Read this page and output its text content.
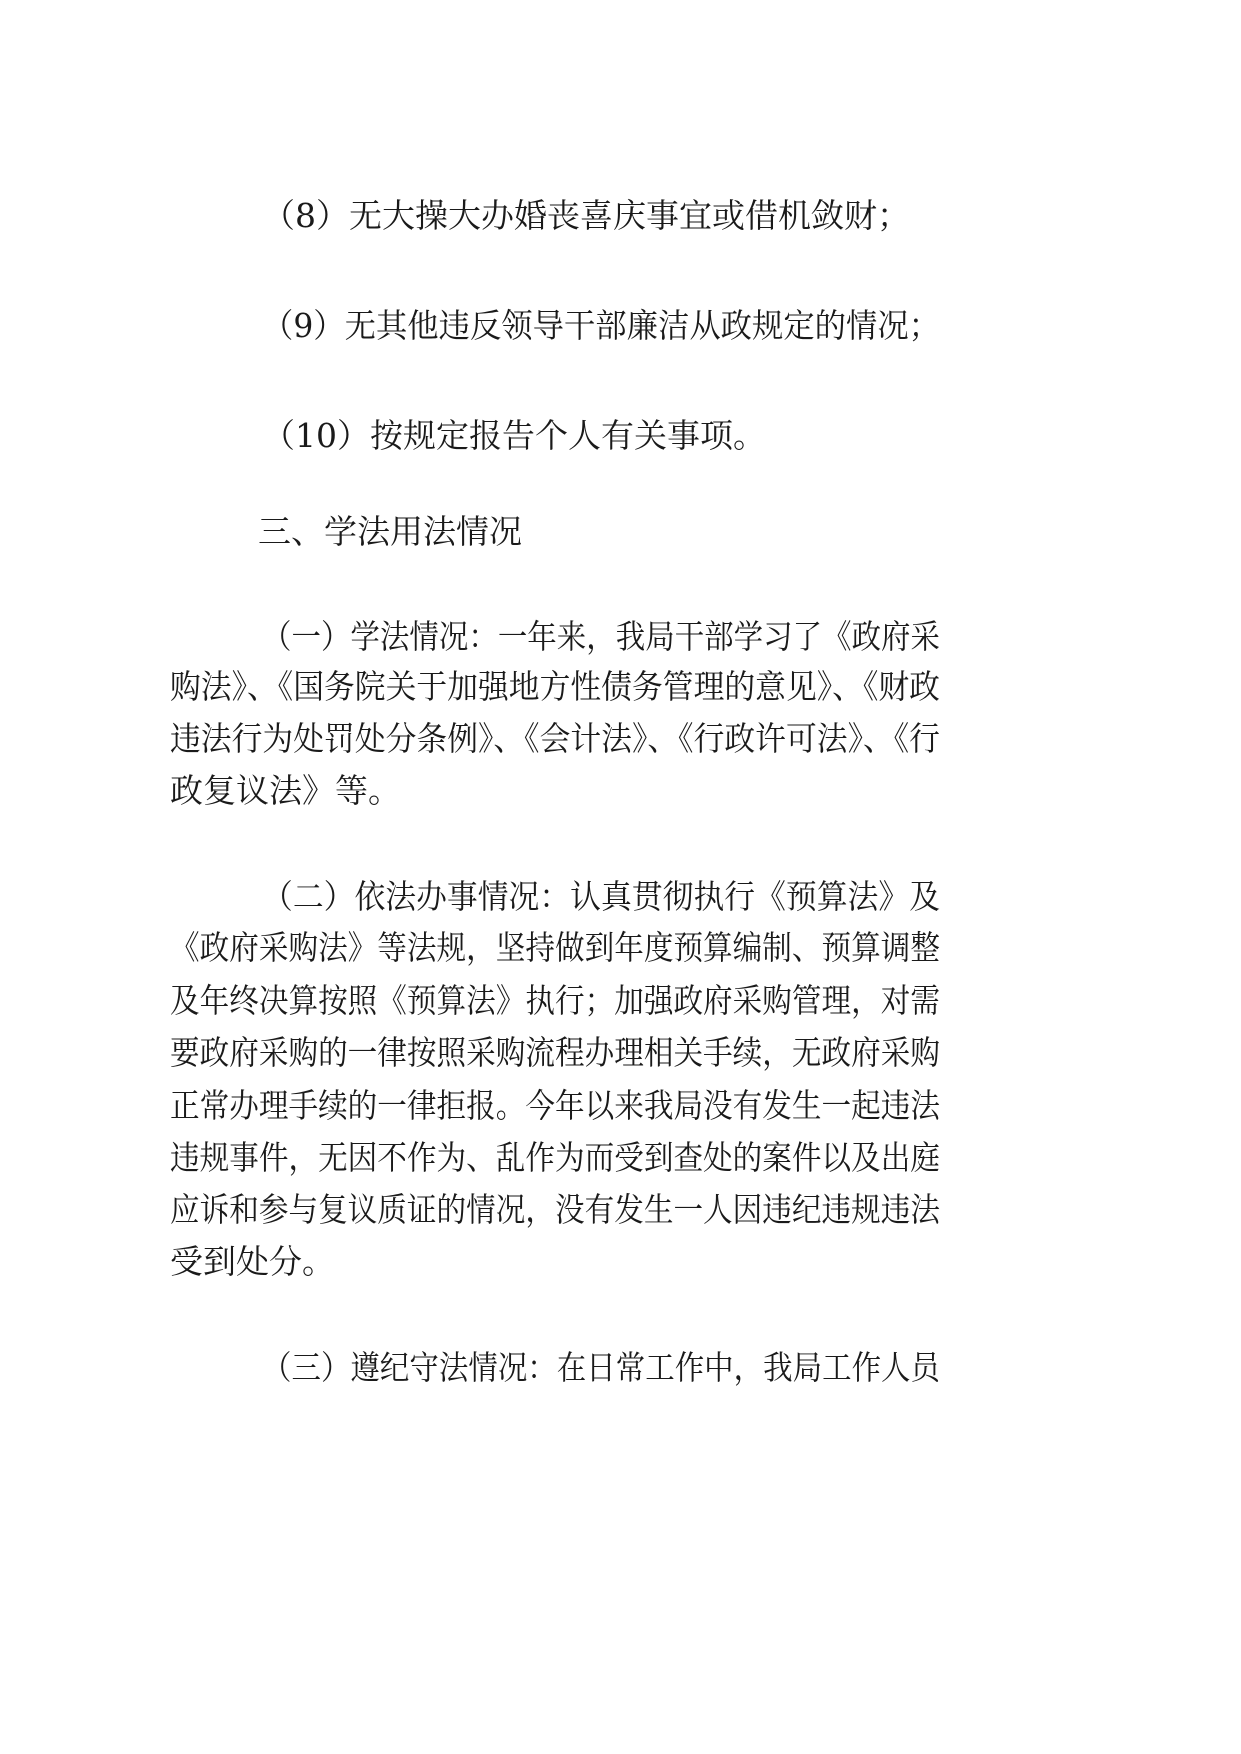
（8）无大操大办婚丧喜庆事宜或借机敛财；
（9）无其他违反领导干部廉洁从政规定的情况；
（10）按规定报告个人有关事项。
三、学法用法情况
（一）学法情况：一年来，我局干部学习了《政府采
购法》、《国务院关于加强地方性债务管理的意见》、《财政
违法行为处罚处分条例》、《会计法》、《行政许可法》、《行
政复议法》等。
（二）依法办事情况：认真贯彻执行《预算法》及
《政府采购法》等法规，坚持做到年度预算编制、预算调整
及年终决算按照《预算法》执行；加强政府采购管理，对需
要政府采购的一律按照采购流程办理相关手续，无政府采购
正常办理手续的一律拒报。今年以来我局没有发生一起违法
违规事件，无因不作为、乱作为而受到查处的案件以及出庭
应诉和参与复议质证的情况，没有发生一人因违纪违规违法
受到处分。
（三）遵纪守法情况：在日常工作中，我局工作人员
